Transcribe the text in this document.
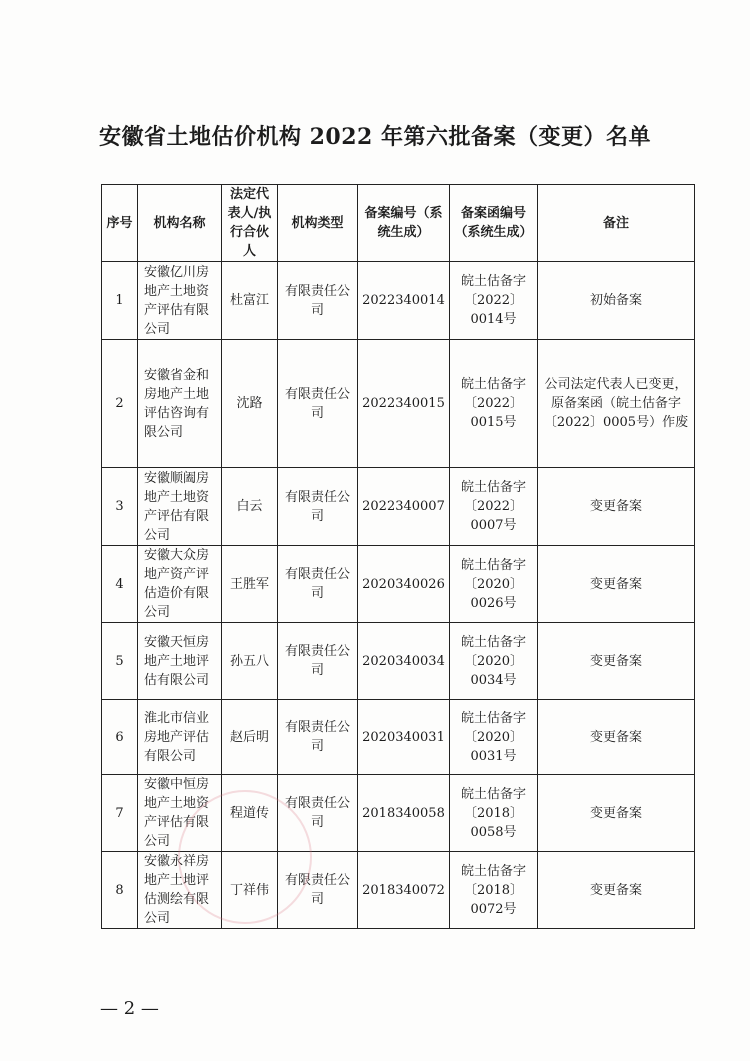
安徽省土地估价机构 2022 年第六批备案（变更）名单
序号	机构名称	法定代表人/执行合伙人	机构类型	备案编号（系统生成）	备案函编号（系统生成）	备注
1	安徽亿川房地产土地资产评估有限公司	杜富江	有限责任公司	2022340014	皖土估备字〔2022〕0014号	初始备案
2	安徽省金和房地产土地评估咨询有限公司	沈路	有限责任公司	2022340015	皖土估备字〔2022〕0015号	公司法定代表人已变更，原备案函（皖土估备字〔2022〕0005号）作废
3	安徽顺阖房地产土地资产评估有限公司	白云	有限责任公司	2022340007	皖土估备字〔2022〕0007号	变更备案
4	安徽大众房地产资产评估造价有限公司	王胜军	有限责任公司	2020340026	皖土估备字〔2020〕0026号	变更备案
5	安徽天恒房地产土地评估有限公司	孙五八	有限责任公司	2020340034	皖土估备字〔2020〕0034号	变更备案
6	淮北市信业房地产评估有限公司	赵后明	有限责任公司	2020340031	皖土估备字〔2020〕0031号	变更备案
7	安徽中恒房地产土地资产评估有限公司	程道传	有限责任公司	2018340058	皖土估备字〔2018〕0058号	变更备案
8	安徽永祥房地产土地评估测绘有限公司	丁祥伟	有限责任公司	2018340072	皖土估备字〔2018〕0072号	变更备案
— 2 —
